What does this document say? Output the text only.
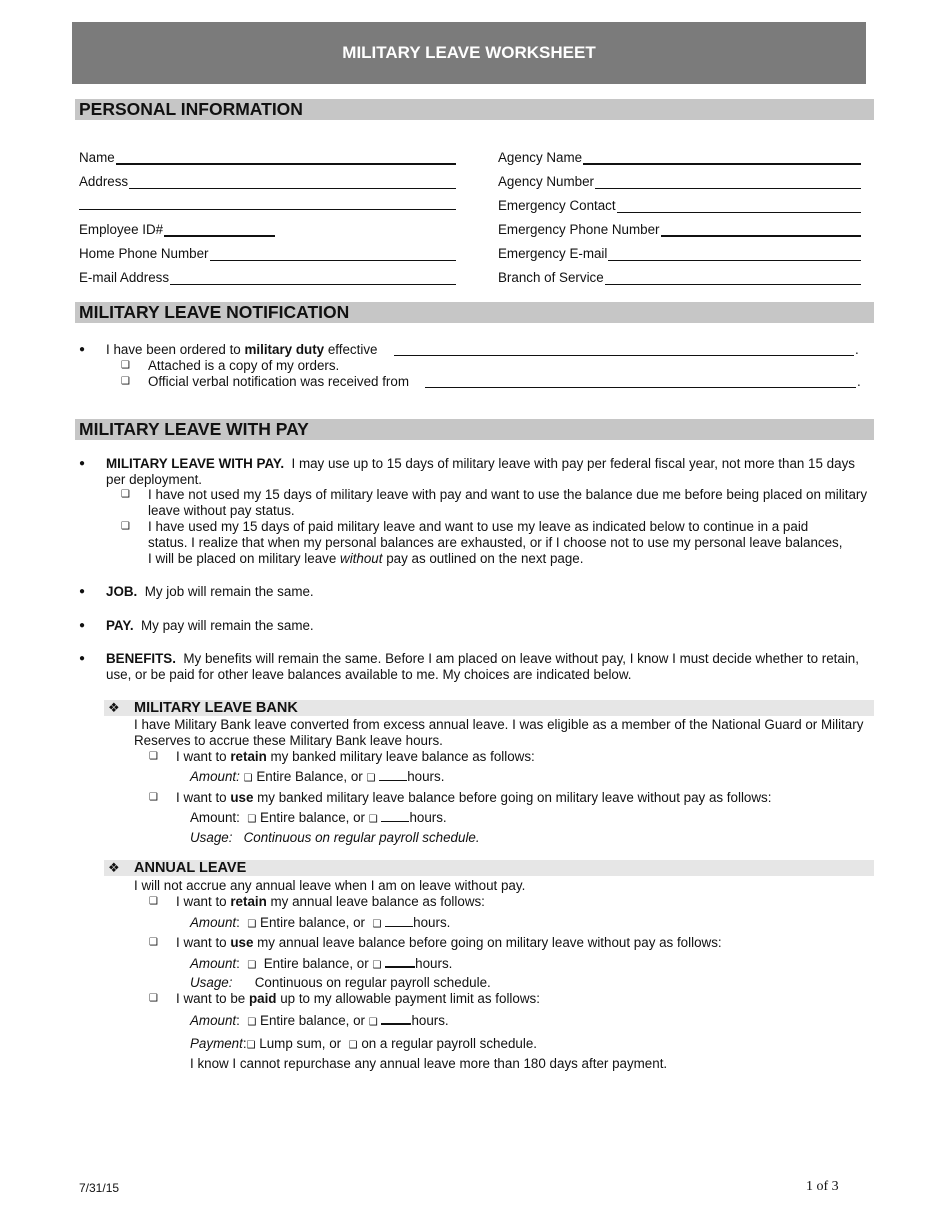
MILITARY LEAVE WORKSHEET
PERSONAL INFORMATION
Name
Address
Employee ID#
Home Phone Number
E-mail Address
Agency Name
Agency Number
Emergency Contact
Emergency Phone Number
Emergency E-mail
Branch of Service
MILITARY LEAVE NOTIFICATION
● I have been ordered to military duty effective	.
❑ Attached is a copy of my orders.
❑ Official verbal notification was received from	.
MILITARY LEAVE WITH PAY
● MILITARY LEAVE WITH PAY. I may use up to 15 days of military leave with pay per federal fiscal year, not more than 15 days per deployment.
❑ I have not used my 15 days of military leave with pay and want to use the balance due me before being placed on military leave without pay status.
❑ I have used my 15 days of paid military leave and want to use my leave as indicated below to continue in a paid status. I realize that when my personal balances are exhausted, or if I choose not to use my personal leave balances, I will be placed on military leave without pay as outlined on the next page.
● JOB. My job will remain the same.
● PAY. My pay will remain the same.
● BENEFITS. My benefits will remain the same. Before I am placed on leave without pay, I know I must decide whether to retain, use, or be paid for other leave balances available to me. My choices are indicated below.
❖ MILITARY LEAVE BANK
I have Military Bank leave converted from excess annual leave. I was eligible as a member of the National Guard or Military Reserves to accrue these Military Bank leave hours.
❑ I want to retain my banked military leave balance as follows:
Amount: ❑ Entire Balance, or ❑ hours.
❑ I want to use my banked military leave balance before going on military leave without pay as follows:
Amount: ❑ Entire balance, or ❑ hours.
Usage: Continuous on regular payroll schedule.
❖ ANNUAL LEAVE
I will not accrue any annual leave when I am on leave without pay.
❑ I want to retain my annual leave balance as follows:
Amount:  ❑ Entire balance, or ❑ hours.
❑ I want to use my annual leave balance before going on military leave without pay as follows:
Amount:  ❑ Entire balance, or ❑	hours.
Usage: Continuous on regular payroll schedule.
❑ I want to be paid up to my allowable payment limit as follows:
Amount:  ❑ Entire balance, or ❑	hours.
Payment:❑ Lump sum, or ❑ on a regular payroll schedule.
I know I cannot repurchase any annual leave more than 180 days after payment.
7/31/15	1 of 3
